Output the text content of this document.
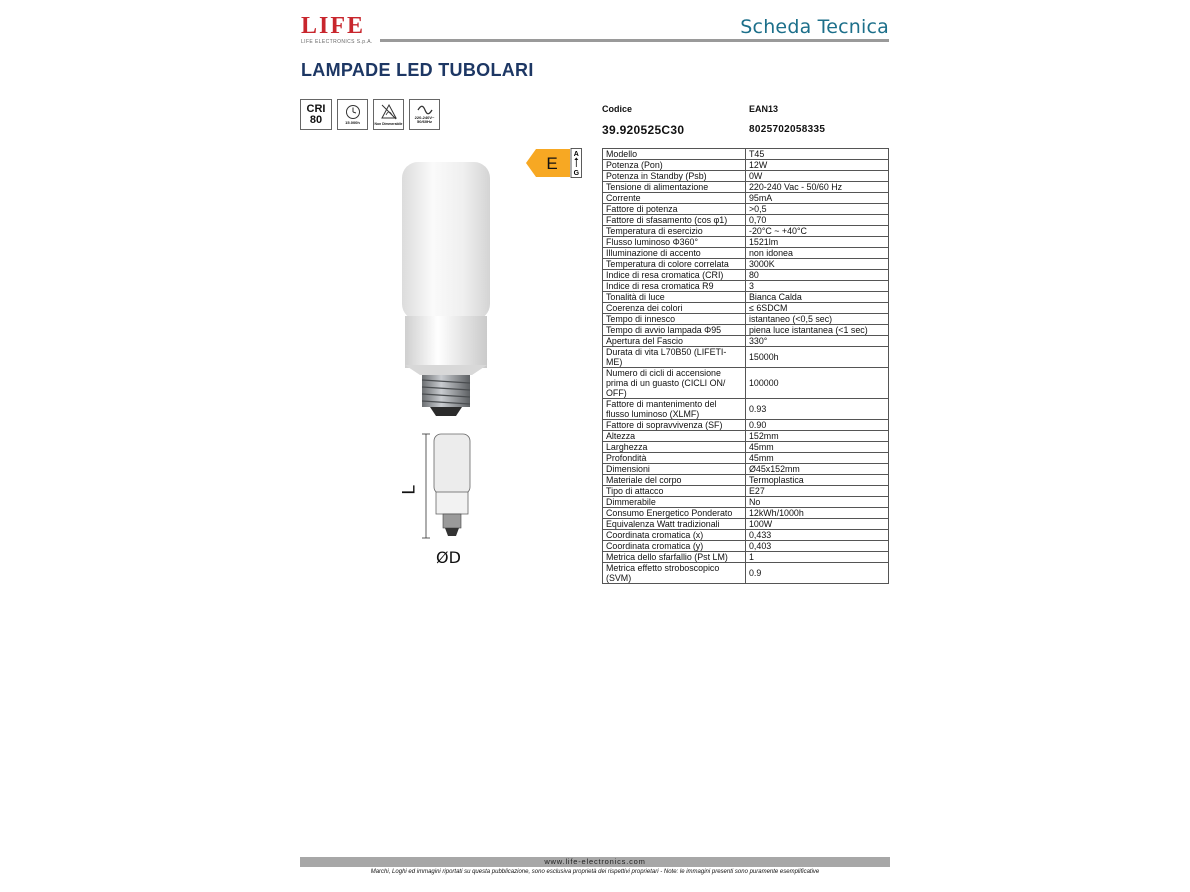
LIFE
LIFE ELECTRONICS S.p.A.
Scheda Tecnica
LAMPADE LED TUBOLARI
CRI
80	15.000h	Non Dimmerabile
220-240V~
50/60Hz
E A
G
Codice
39.920525C30
EAN13
8025702058335
L
ØD
Modello	T45
Potenza (Pon)	12W
Potenza in Standby (Psb)	0W
Tensione di alimentazione	220-240 Vac - 50/60 Hz
Corrente	95mA
Fattore di potenza	>0,5
Fattore di sfasamento (cos φ1)	0,70
Temperatura di esercizio	-20°C ~ +40°C
Flusso luminoso Φ360°	1521lm
Illuminazione di accento	non idonea
Temperatura di colore correlata	3000K
Indice di resa cromatica (CRI)	80
Indice di resa cromatica R9	3
Tonalità di luce	Bianca Calda
Coerenza dei colori	≤ 6SDCM
Tempo di innesco	istantaneo (<0,5 sec)
Tempo di avvio lampada Φ95	piena luce istantanea (<1 sec)
Apertura del Fascio	330°
Durata di vita L70B50 (LIFETI-ME)	15000h
Numero di cicli di accensione prima di un guasto (CICLI ON/ OFF)	100000
Fattore di mantenimento del flusso luminoso (XLMF)	0.93
Fattore di sopravvivenza (SF)	0.90
Altezza	152mm
Larghezza	45mm
Profondità	45mm
Dimensioni	Ø45x152mm
Materiale del corpo	Termoplastica
Tipo di attacco	E27
Dimmerabile	No
Consumo Energetico Ponderato	12kWh/1000h
Equivalenza Watt tradizionali	100W
Coordinata cromatica (x)	0,433
Coordinata cromatica (y)	0,403
Metrica dello sfarfallio (Pst LM)	1
Metrica effetto stroboscopico (SVM)	0.9
www.life-electronics.com
Marchi, Loghi ed immagini riportati su questa pubblicazione, sono esclusiva proprietà dei rispettivi proprietari - Note: le immagini presenti sono puramente esemplificative
